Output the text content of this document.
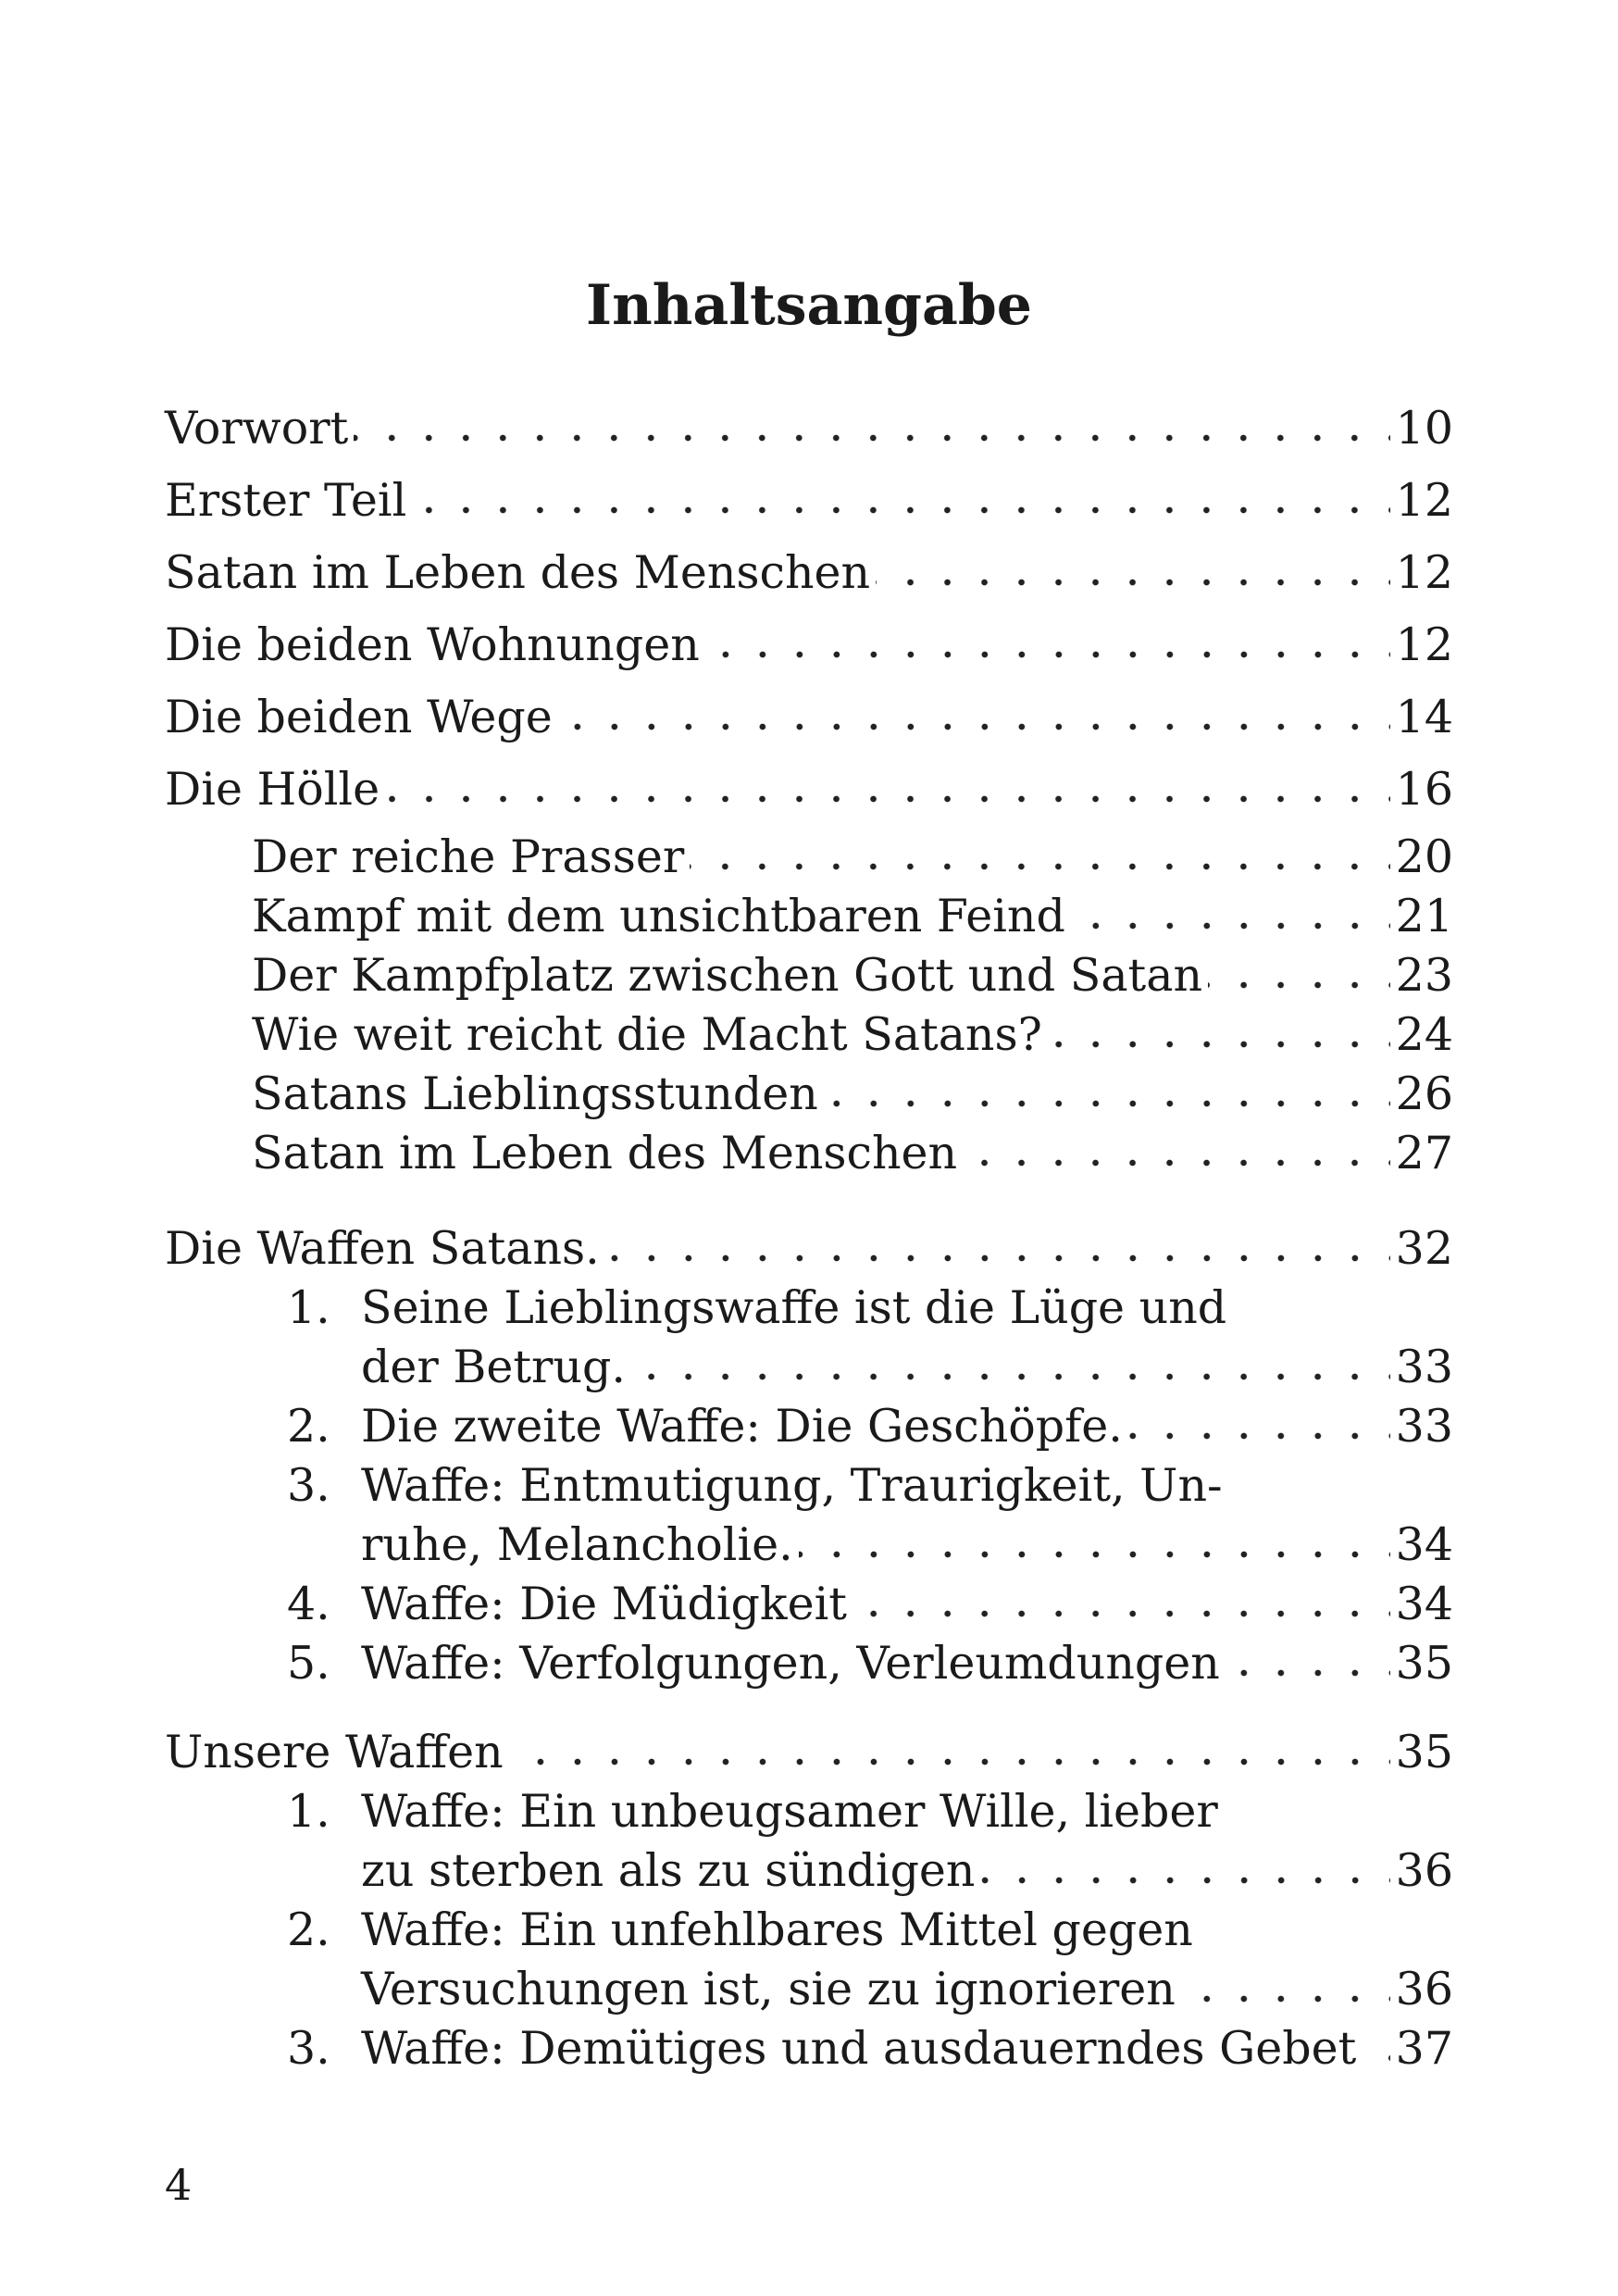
Inhaltsangabe
Vorwort	10
Erster Teil	12
Satan im Leben des Menschen	12
Die beiden Wohnungen	12
Die beiden Wege	14
Die Hölle	16
Der reiche Prasser	20
Kampf mit dem unsichtbaren Feind	21
Der Kampfplatz zwischen Gott und Satan	23
Wie weit reicht die Macht Satans?	24
Satans Lieblingsstunden	26
Satan im Leben des Menschen	27
Die Waffen Satans.	32
1. Seine Lieblingswaffe ist die Lüge und
der Betrug.	33
2. Die zweite Waffe: Die Geschöpfe.	33
3. Waffe: Entmutigung, Traurigkeit, Un-
ruhe, Melancholie.	34
4. Waffe: Die Müdigkeit	34
5. Waffe: Verfolgungen, Verleumdungen	35
Unsere Waffen	35
1. Waffe: Ein unbeugsamer Wille, lieber
zu sterben als zu sündigen	36
2. Waffe: Ein unfehlbares Mittel gegen
Versuchungen ist, sie zu ignorieren	36
3. Waffe: Demütiges und ausdauerndes Gebet 37
4
